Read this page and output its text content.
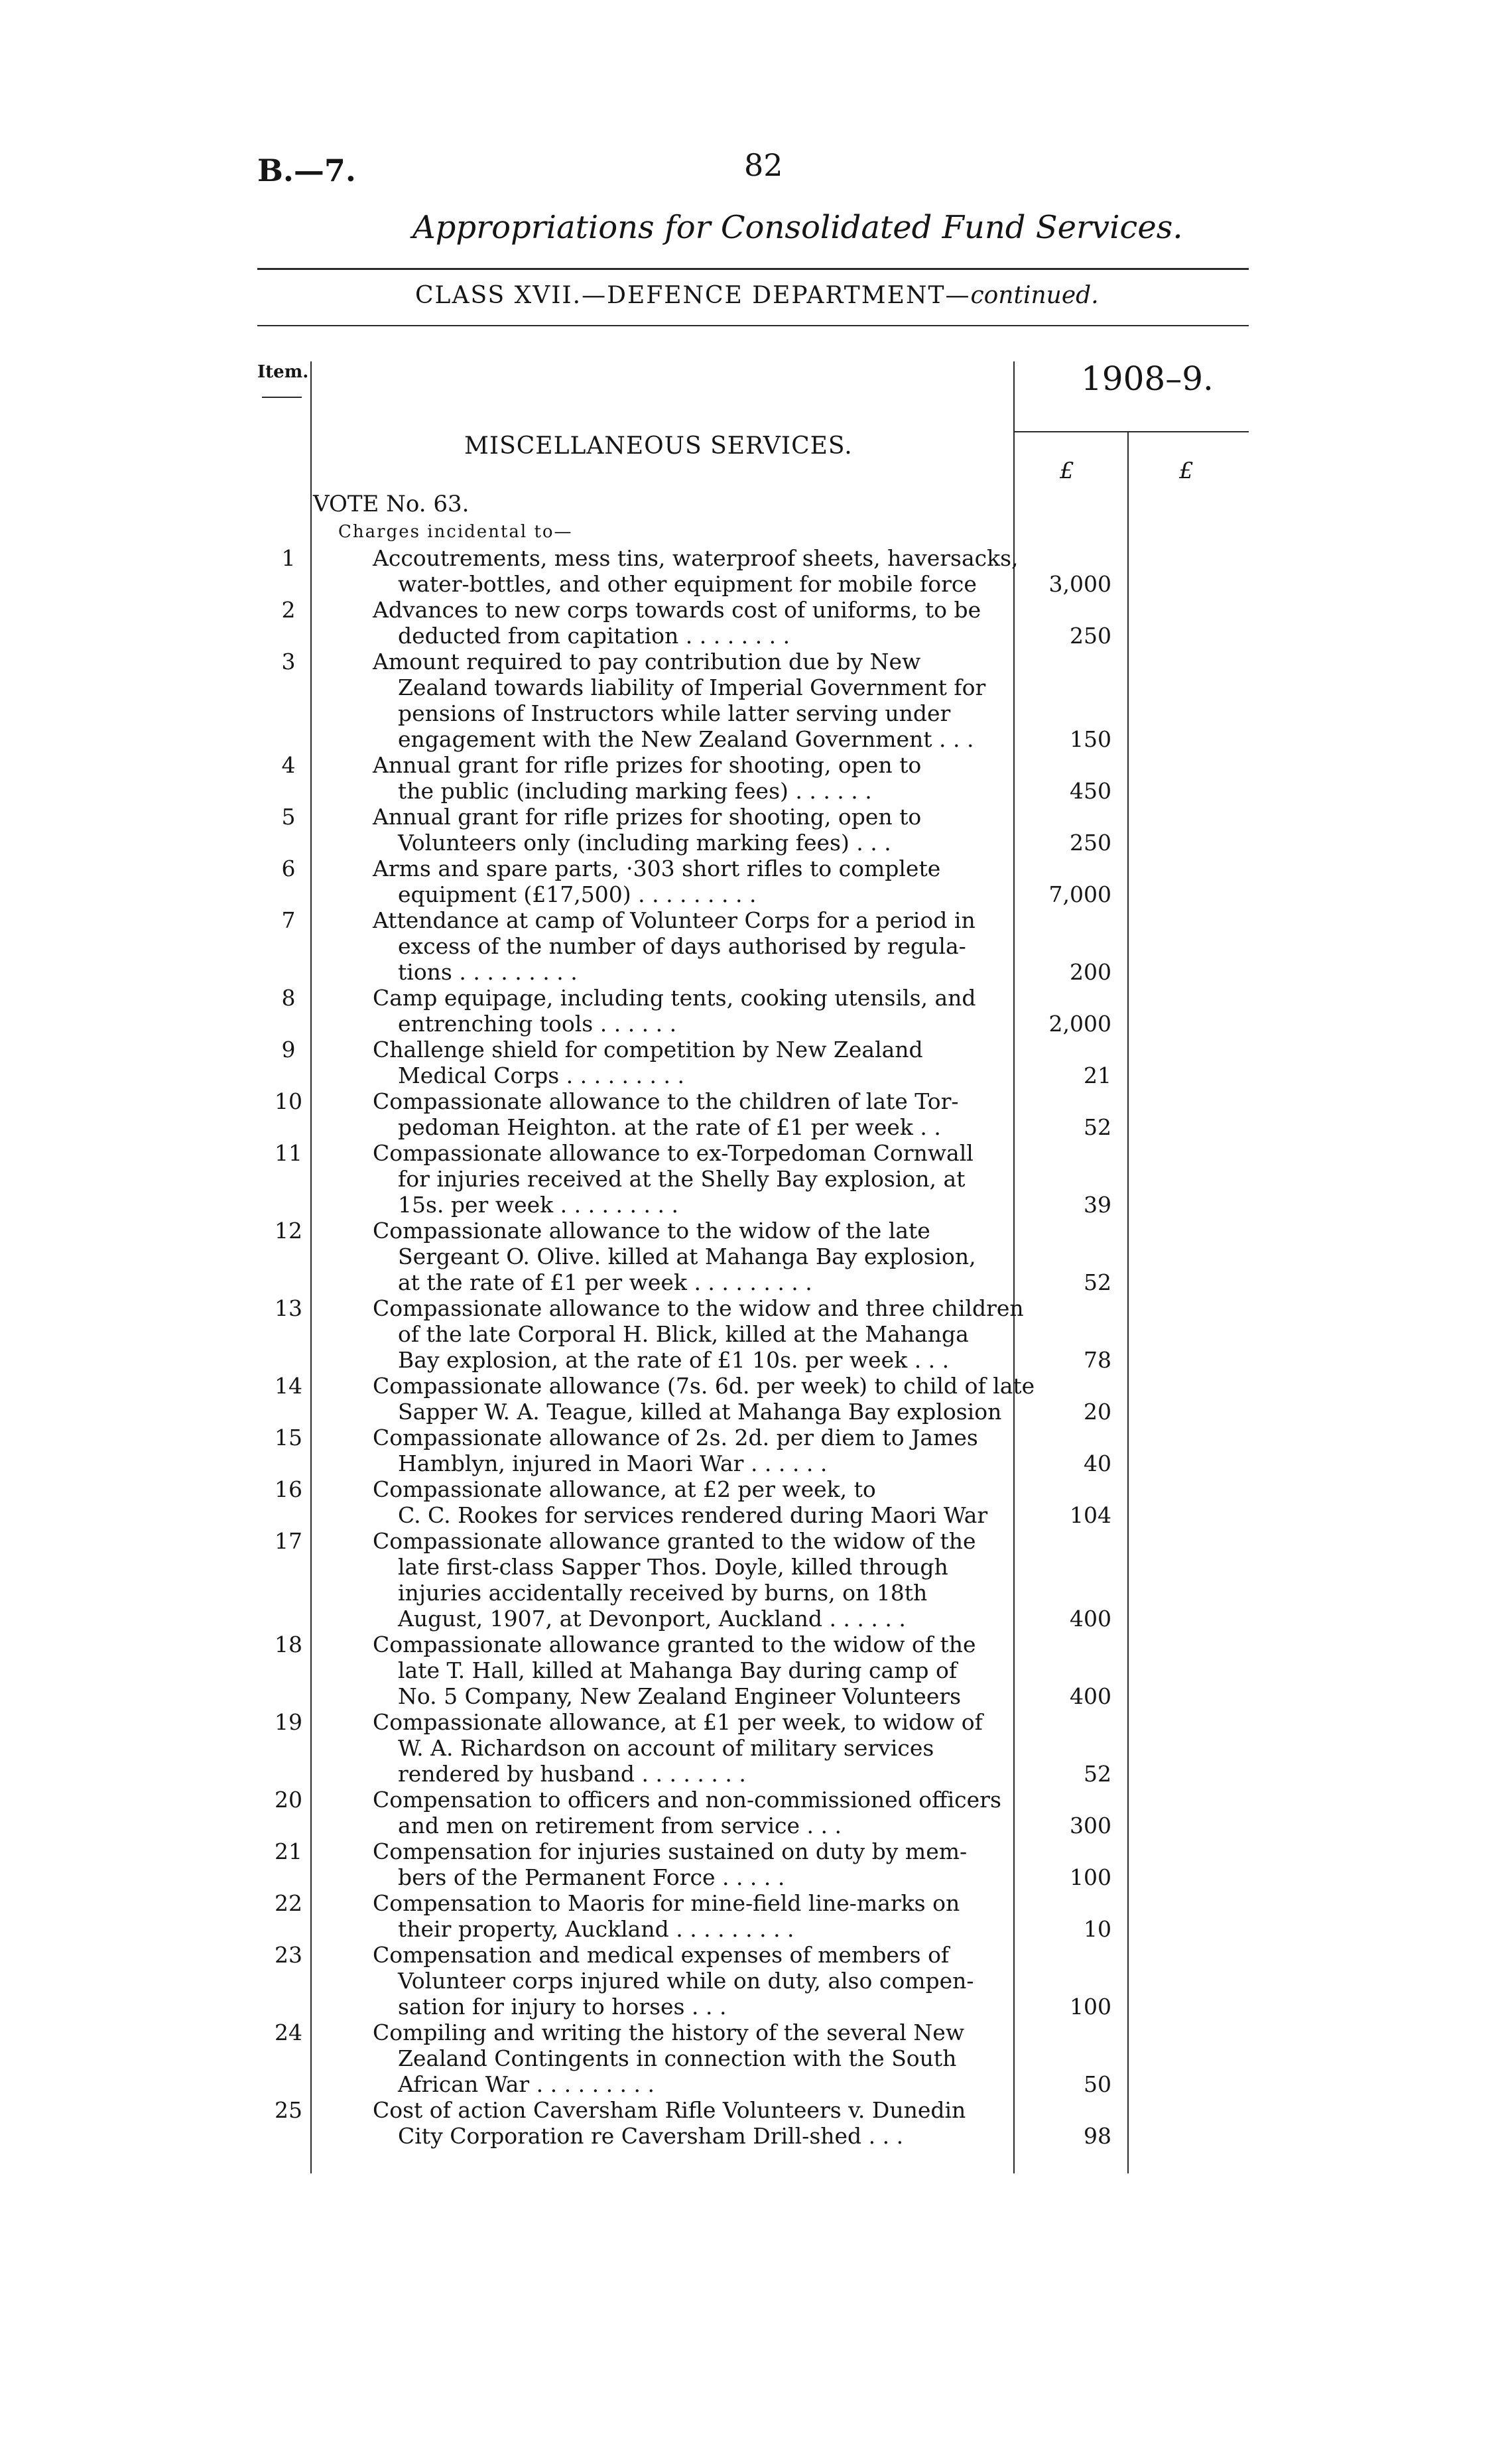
B.—7.	82
Appropriations for Consolidated Fund Services.
CLASS XVII.—DEFENCE DEPARTMENT—continued.
Item.	1908–9.
MISCELLANEOUS SERVICES.
£	£
VOTE No. 63.
Charges incidental to—
1	Accoutrements, mess tins, waterproof sheets, haversacks,
water-bottles, and other equipment for mobile force	3,000
2	Advances to new corps towards cost of uniforms, to be
deducted from capitation . . . . . . . .	250
3	Amount required to pay contribution due by New
Zealand towards liability of Imperial Government for
pensions of Instructors while latter serving under
engagement with the New Zealand Government . . .	150
4	Annual grant for rifle prizes for shooting, open to
the public (including marking fees) . . . . . .	450
5	Annual grant for rifle prizes for shooting, open to
Volunteers only (including marking fees) . . .	250
6	Arms and spare parts, ·303 short rifles to complete
equipment (£17,500) . . . . . . . . .	7,000
7	Attendance at camp of Volunteer Corps for a period in
excess of the number of days authorised by regula-
tions . . . . . . . . .	200
8	Camp equipage, including tents, cooking utensils, and
entrenching tools . . . . . .	2,000
9	Challenge shield for competition by New Zealand
Medical Corps . . . . . . . . .	21
10	Compassionate allowance to the children of late Tor-
pedoman Heighton. at the rate of £1 per week . .	52
11	Compassionate allowance to ex-Torpedoman Cornwall
for injuries received at the Shelly Bay explosion, at
15s. per week . . . . . . . . .	39
12	Compassionate allowance to the widow of the late
Sergeant O. Olive. killed at Mahanga Bay explosion,
at the rate of £1 per week . . . . . . . . .	52
13	Compassionate allowance to the widow and three children
of the late Corporal H. Blick, killed at the Mahanga
Bay explosion, at the rate of £1 10s. per week . . .	78
14	Compassionate allowance (7s. 6d. per week) to child of late
Sapper W. A. Teague, killed at Mahanga Bay explosion	20
15	Compassionate allowance of 2s. 2d. per diem to James
Hamblyn, injured in Maori War . . . . . .	40
16	Compassionate allowance, at £2 per week, to
C. C. Rookes for services rendered during Maori War	104
17	Compassionate allowance granted to the widow of the
late first-class Sapper Thos. Doyle, killed through
injuries accidentally received by burns, on 18th
August, 1907, at Devonport, Auckland . . . . . .	400
18	Compassionate allowance granted to the widow of the
late T. Hall, killed at Mahanga Bay during camp of
No. 5 Company, New Zealand Engineer Volunteers	400
19	Compassionate allowance, at £1 per week, to widow of
W. A. Richardson on account of military services
rendered by husband . . . . . . . .	52
20	Compensation to officers and non-commissioned officers
and men on retirement from service . . .	300
21	Compensation for injuries sustained on duty by mem-
bers of the Permanent Force . . . . .	100
22	Compensation to Maoris for mine-field line-marks on
their property, Auckland . . . . . . . . .	10
23	Compensation and medical expenses of members of
Volunteer corps injured while on duty, also compen-
sation for injury to horses . . .	100
24	Compiling and writing the history of the several New
Zealand Contingents in connection with the South
African War . . . . . . . . .	50
25	Cost of action Caversham Rifle Volunteers v. Dunedin
City Corporation re Caversham Drill-shed . . .	98
